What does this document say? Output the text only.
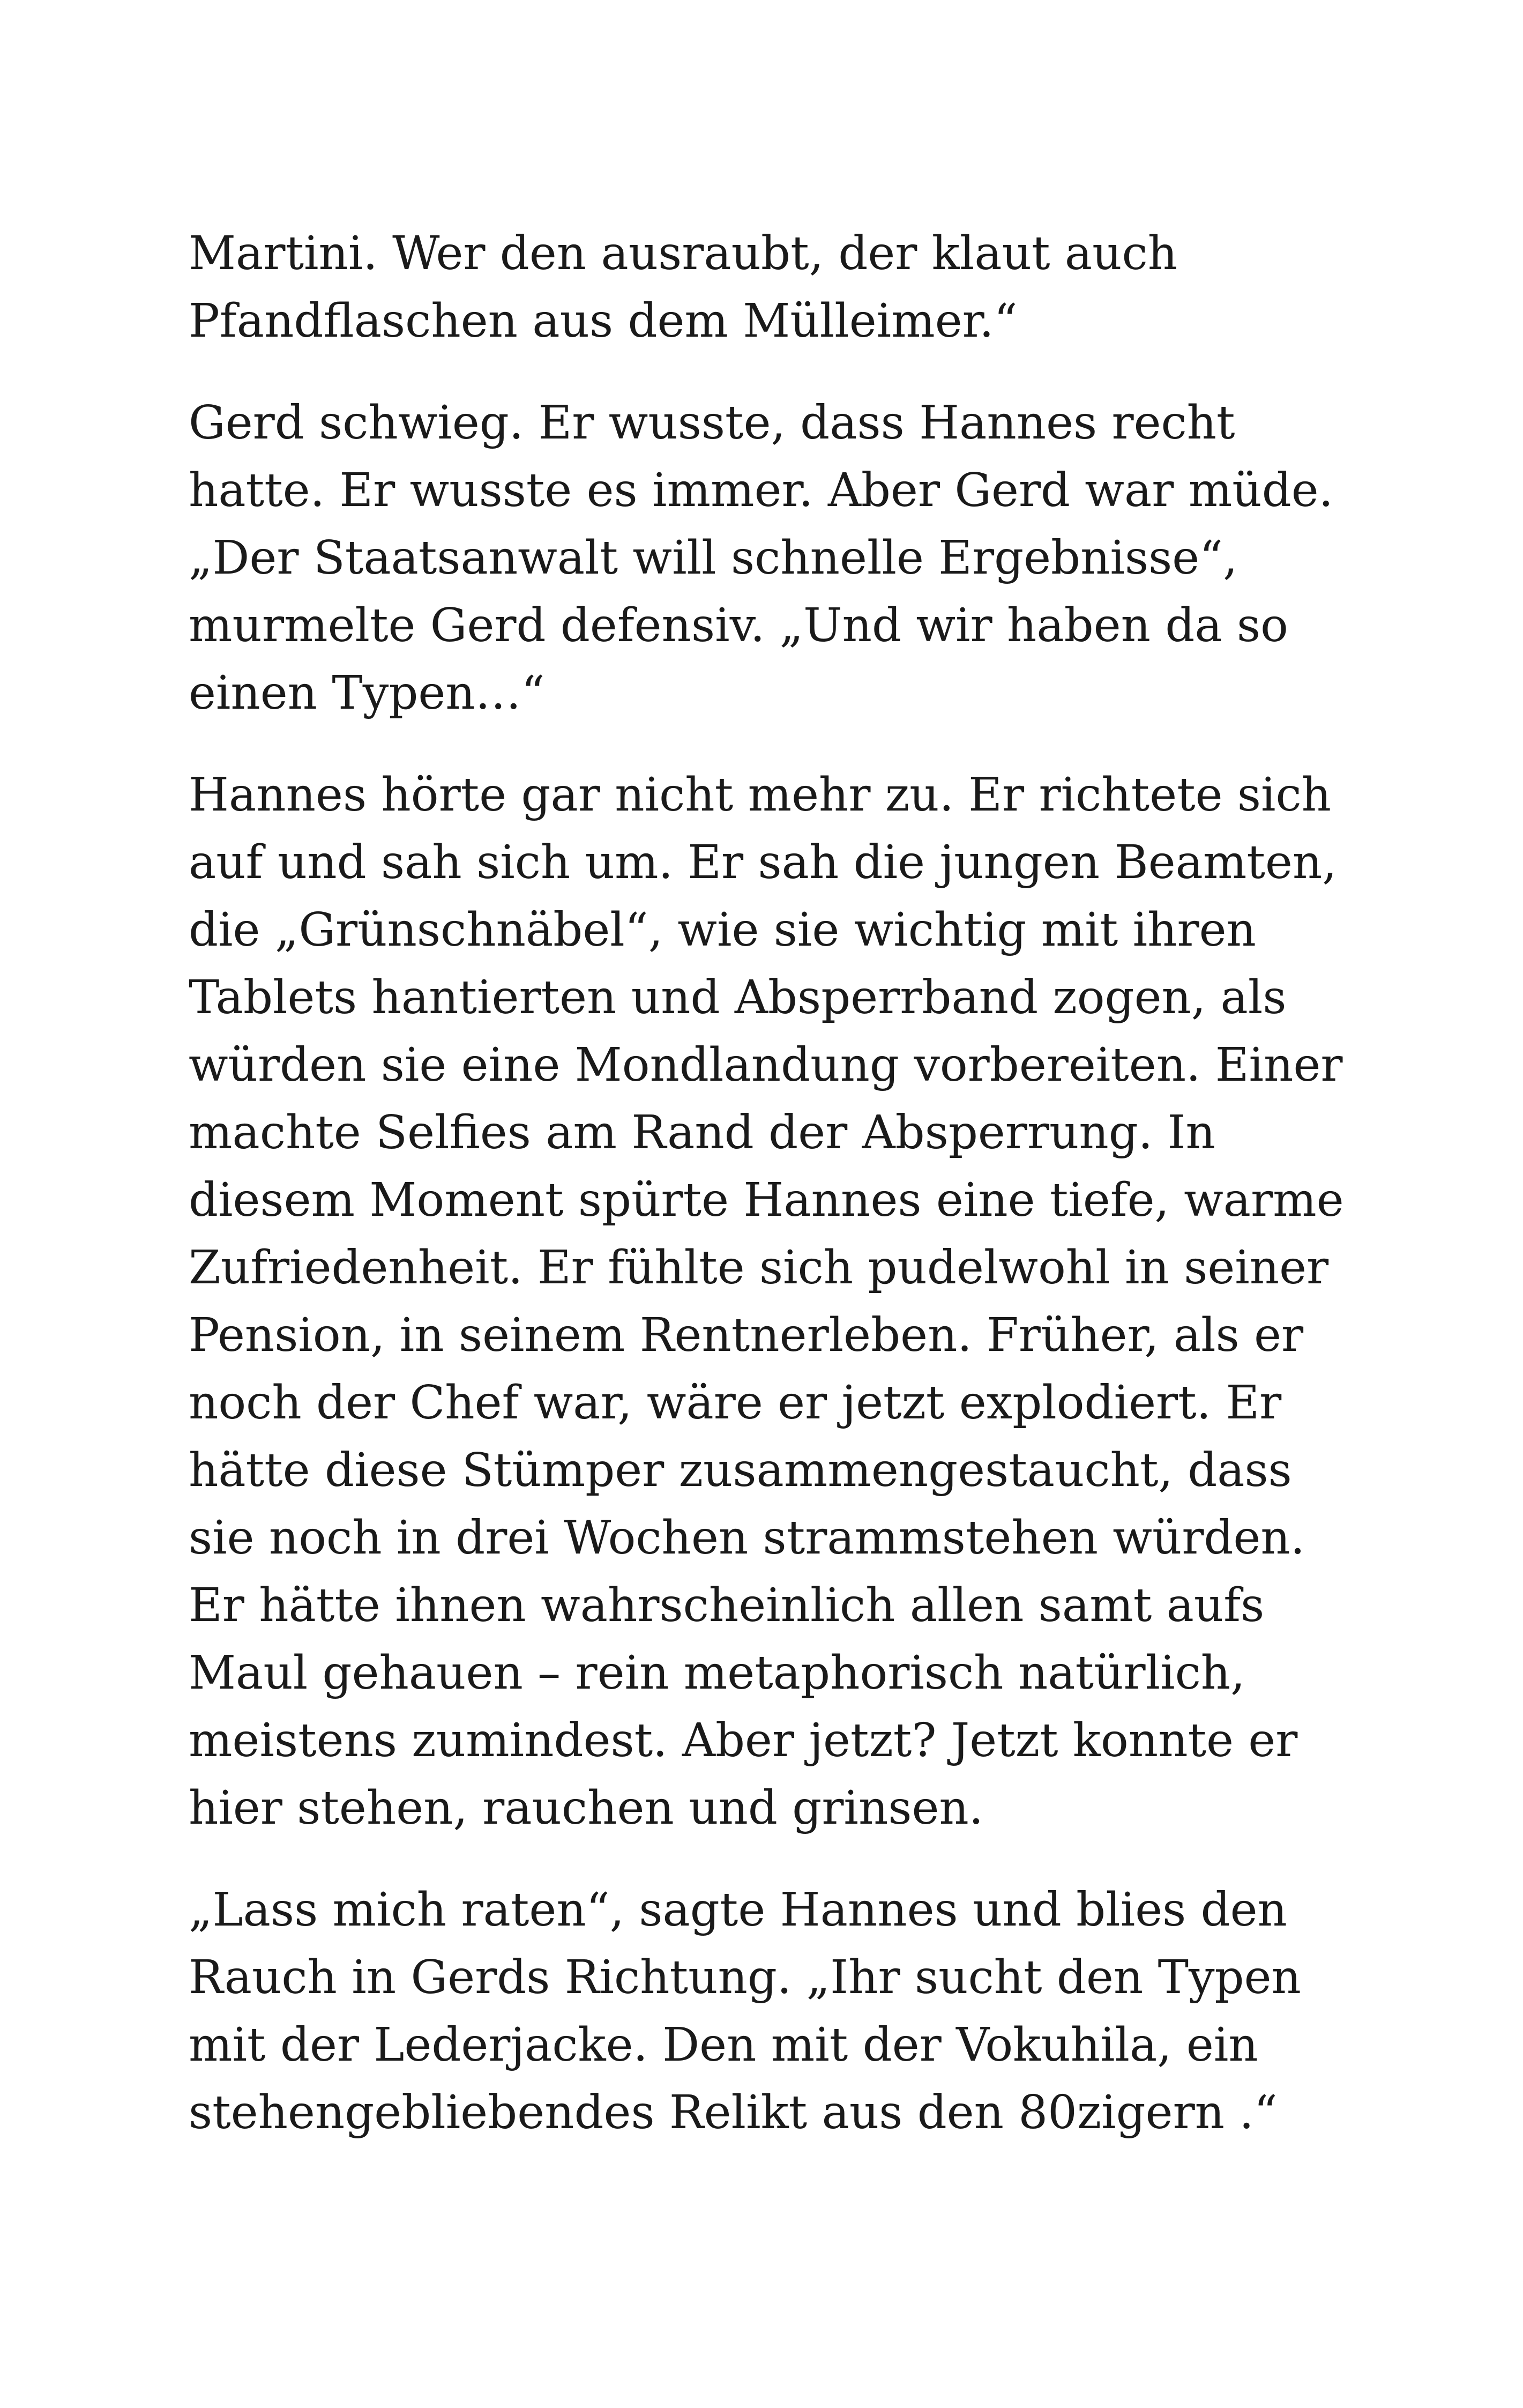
Martini. Wer den ausraubt, der klaut auch
Pfandflaschen aus dem Mülleimer.“

Gerd schwieg. Er wusste, dass Hannes recht
hatte. Er wusste es immer. Aber Gerd war müde.
„Der Staatsanwalt will schnelle Ergebnisse“,
murmelte Gerd defensiv. „Und wir haben da so
einen Typen…“

Hannes hörte gar nicht mehr zu. Er richtete sich
auf und sah sich um. Er sah die jungen Beamten,
die „Grünschnäbel“, wie sie wichtig mit ihren
Tablets hantierten und Absperrband zogen, als
würden sie eine Mondlandung vorbereiten. Einer
machte Selfies am Rand der Absperrung. In
diesem Moment spürte Hannes eine tiefe, warme
Zufriedenheit. Er fühlte sich pudelwohl in seiner
Pension, in seinem Rentnerleben. Früher, als er
noch der Chef war, wäre er jetzt explodiert. Er
hätte diese Stümper zusammengestaucht, dass
sie noch in drei Wochen strammstehen würden.
Er hätte ihnen wahrscheinlich allen samt aufs
Maul gehauen – rein metaphorisch natürlich,
meistens zumindest. Aber jetzt? Jetzt konnte er
hier stehen, rauchen und grinsen.

„Lass mich raten“, sagte Hannes und blies den
Rauch in Gerds Richtung. „Ihr sucht den Typen
mit der Lederjacke. Den mit der Vokuhila, ein
stehengebliebendes Relikt aus den 80zigern .“
